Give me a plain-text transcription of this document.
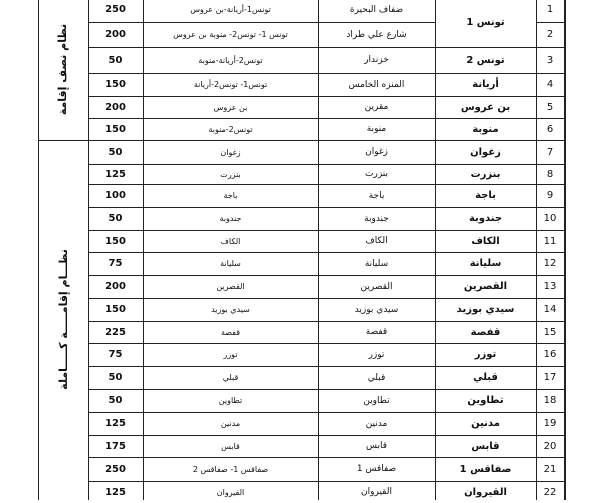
1
ضفاف البحيرة
تونس1-أريانة-بن عروس
250
2
شارع علي طراد
تونس 1- تونس2- منوبة بن عروس
200
3
تونس 2
خزندار
تونس2-أريانة-منوبة
50
4
أريانة
المنزه الخامس
تونس1- تونس2-أريانة
150
5
بن عروس
مقرين
بن عروس
200
6
منوبة
منوبة
تونس2-منوبة
150
7
زغوان
زغوان
زغوان
50
8
بنزرت
بنزرت
بنزرت
125
9
باجة
باجة
باجة
100
10
جندوبة
جندوبة
جندوبة
50
11
الكاف
الكاف
الكاف
150
12
سليانة
سليانة
سليانة
75
13
القصرين
القصرين
القصرين
200
14
سيدي بوزيد
سيدي بوزيد
سيدي بوزيد
150
15
قفصة
قفصة
قفصة
225
16
توزر
توزر
توزر
75
17
قبلي
قبلي
قبلي
50
18
تطاوين
تطاوين
تطاوين
50
19
مدنين
مدنين
مدنين
125
20
قابس
قابس
قابس
175
21
صفاقس 1
صفاقس 1
صفاقس 1- صفاقس 2
250
22
القيروان
القيروان
القيروان
125
تونس 1
نظام نصف إقامة
نظـــام إقامـــــة كـــــاملة
